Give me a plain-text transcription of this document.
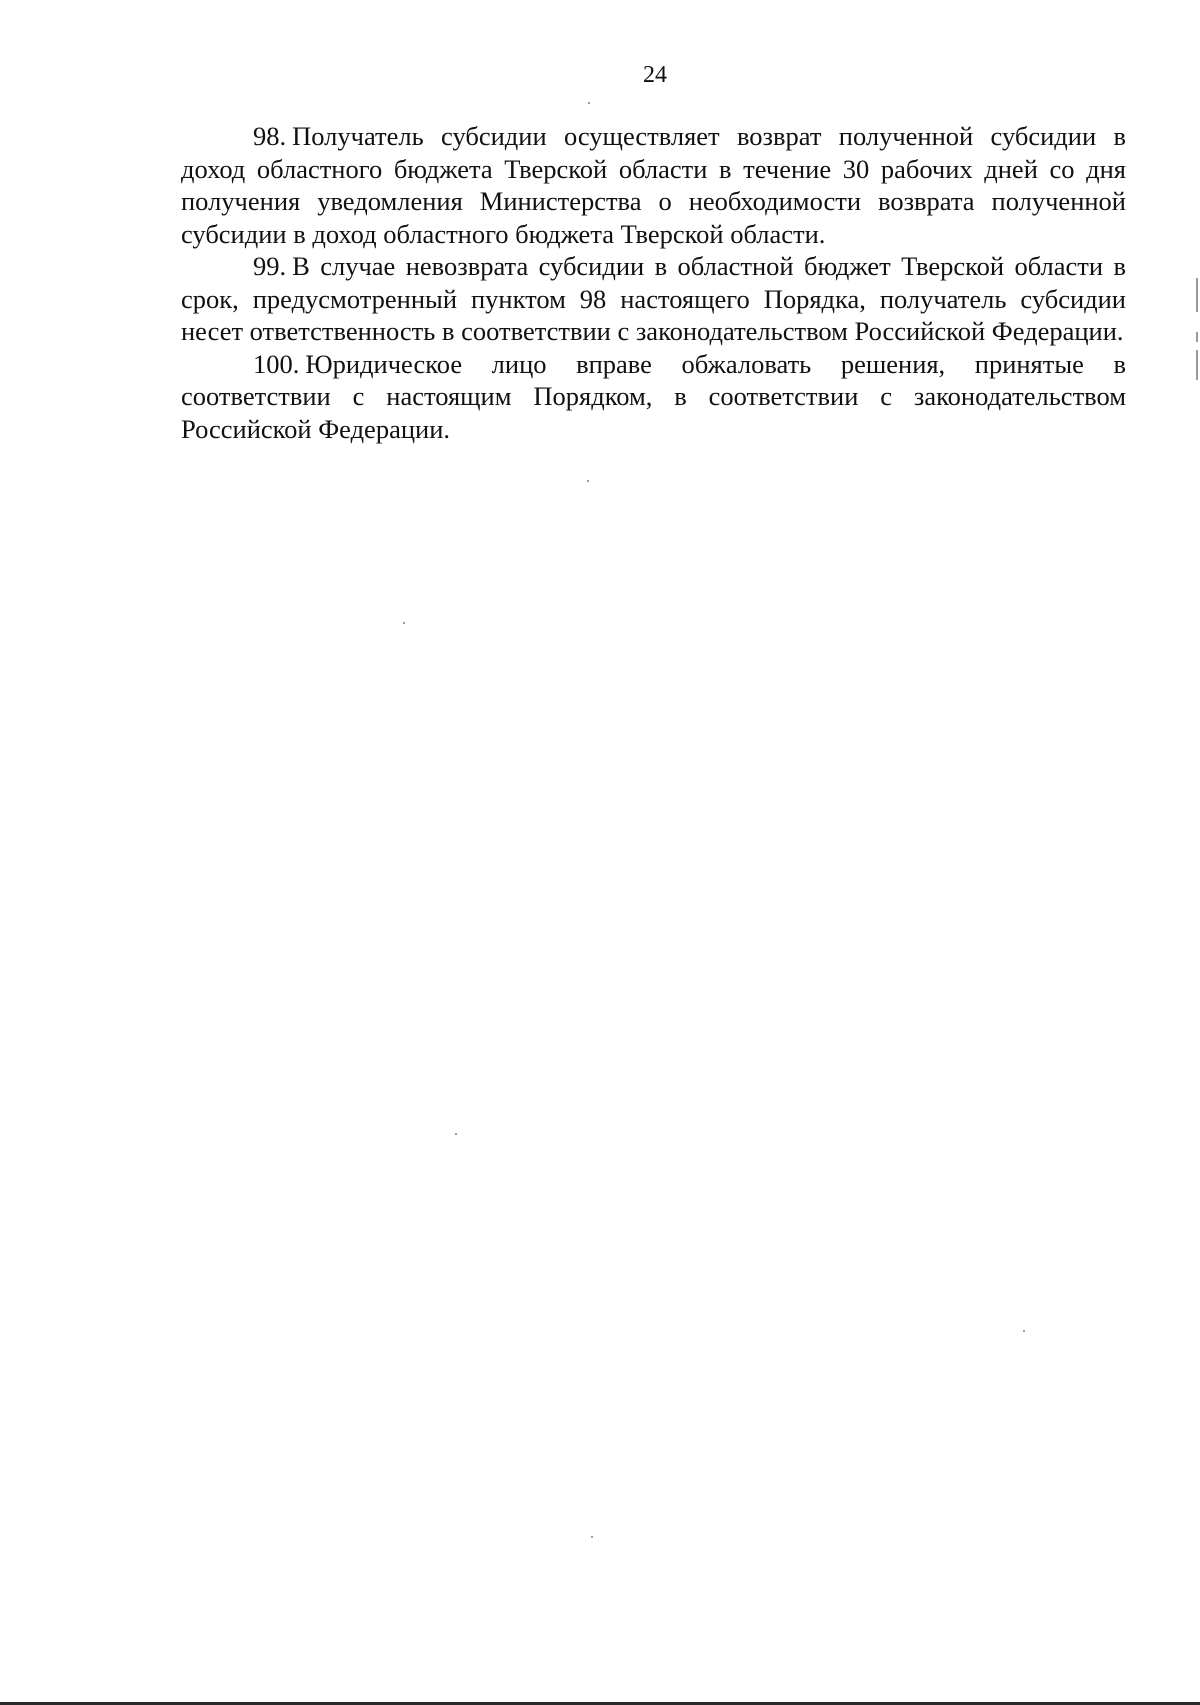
24

98. Получатель субсидии осуществляет возврат полученной субсидии в доход областного бюджета Тверской области в течение 30 рабочих дней со дня получения уведомления Министерства о необходимости возврата полученной субсидии в доход областного бюджета Тверской области.

99. В случае невозврата субсидии в областной бюджет Тверской области в срок, предусмотренный пунктом 98 настоящего Порядка, получатель субсидии несет ответственность в соответствии с законодательством Российской Федерации.

100. Юридическое лицо вправе обжаловать решения, принятые в соответствии с настоящим Порядком, в соответствии с законодательством Российской Федерации.
